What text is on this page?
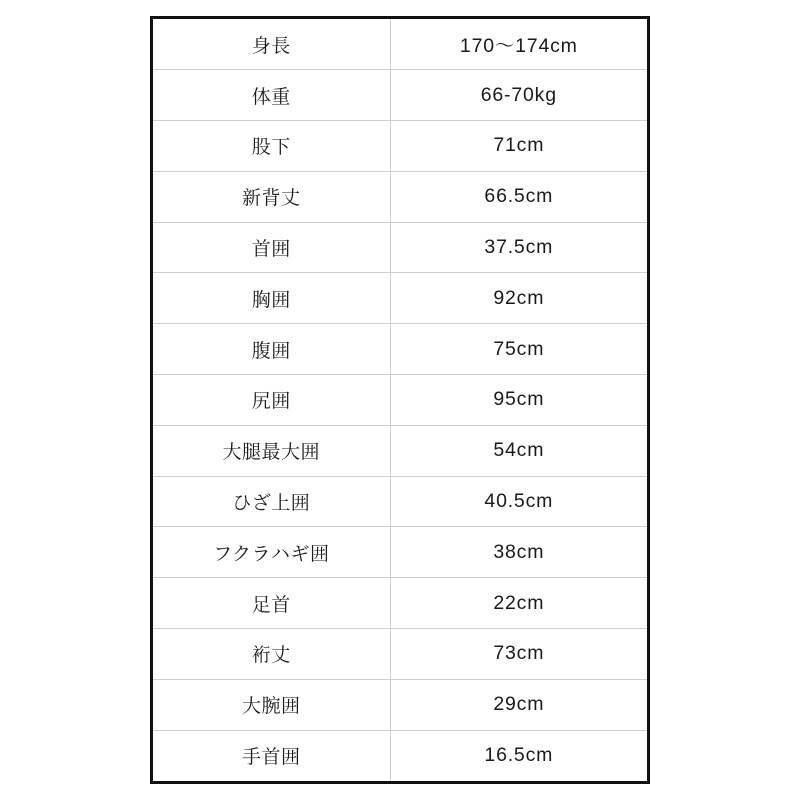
身長	170〜174cm
体重	66-70kg
股下	71cm
新背丈	66.5cm
首囲	37.5cm
胸囲	92cm
腹囲	75cm
尻囲	95cm
大腿最大囲	54cm
ひざ上囲	40.5cm
フクラハギ囲	38cm
足首	22cm
裄丈	73cm
大腕囲	29cm
手首囲	16.5cm
